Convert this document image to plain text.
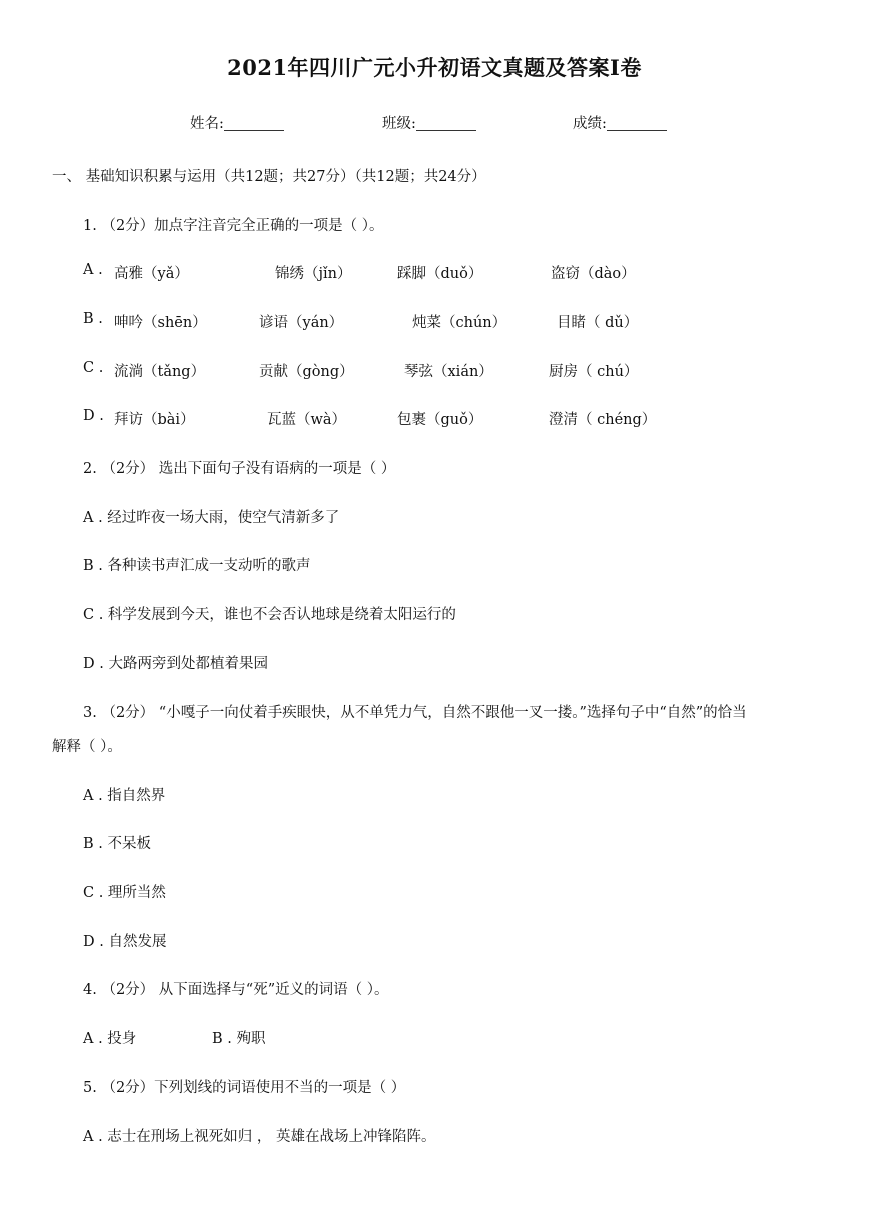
2021年四川广元小升初语文真题及答案I卷
姓名:	班级:	成绩:
一、 基础知识积累与运用（共12题；共27分）（共12题；共24分）
1. （2分）加点字注音完全正确的一项是（ ）。
A . 高雅（yǎ）	锦绣（jǐn）	踩脚（duǒ）	盗窃（dào）
B . 呻吟（shēn）	谚语（yán）	炖菜（chún）	目睹（ dǔ）
C . 流淌（tǎng）	贡献（gòng）	琴弦（xián）	厨房（ chú）
D . 拜访（bài）	瓦蓝（wà）	包裹（guǒ）	澄清（ chéng）
2. （2分） 选出下面句子没有语病的一项是（ ）
A . 经过昨夜一场大雨，使空气清新多了
B . 各种读书声汇成一支动听的歌声
C . 科学发展到今天，谁也不会否认地球是绕着太阳运行的
D . 大路两旁到处都植着果园
3. （2分） “小嘎子一向仗着手疾眼快，从不单凭力气，自然不跟他一叉一搂。”选择句子中“自然”的恰当
解释（ ）。
A . 指自然界
B . 不呆板
C . 理所当然
D . 自然发展
4. （2分） 从下面选择与“死”近义的词语（ ）。
A . 投身	B . 殉职
5. （2分）下列划线的词语使用不当的一项是（ ）
A . 志士在刑场上视死如归 ， 英雄在战场上冲锋陷阵。
